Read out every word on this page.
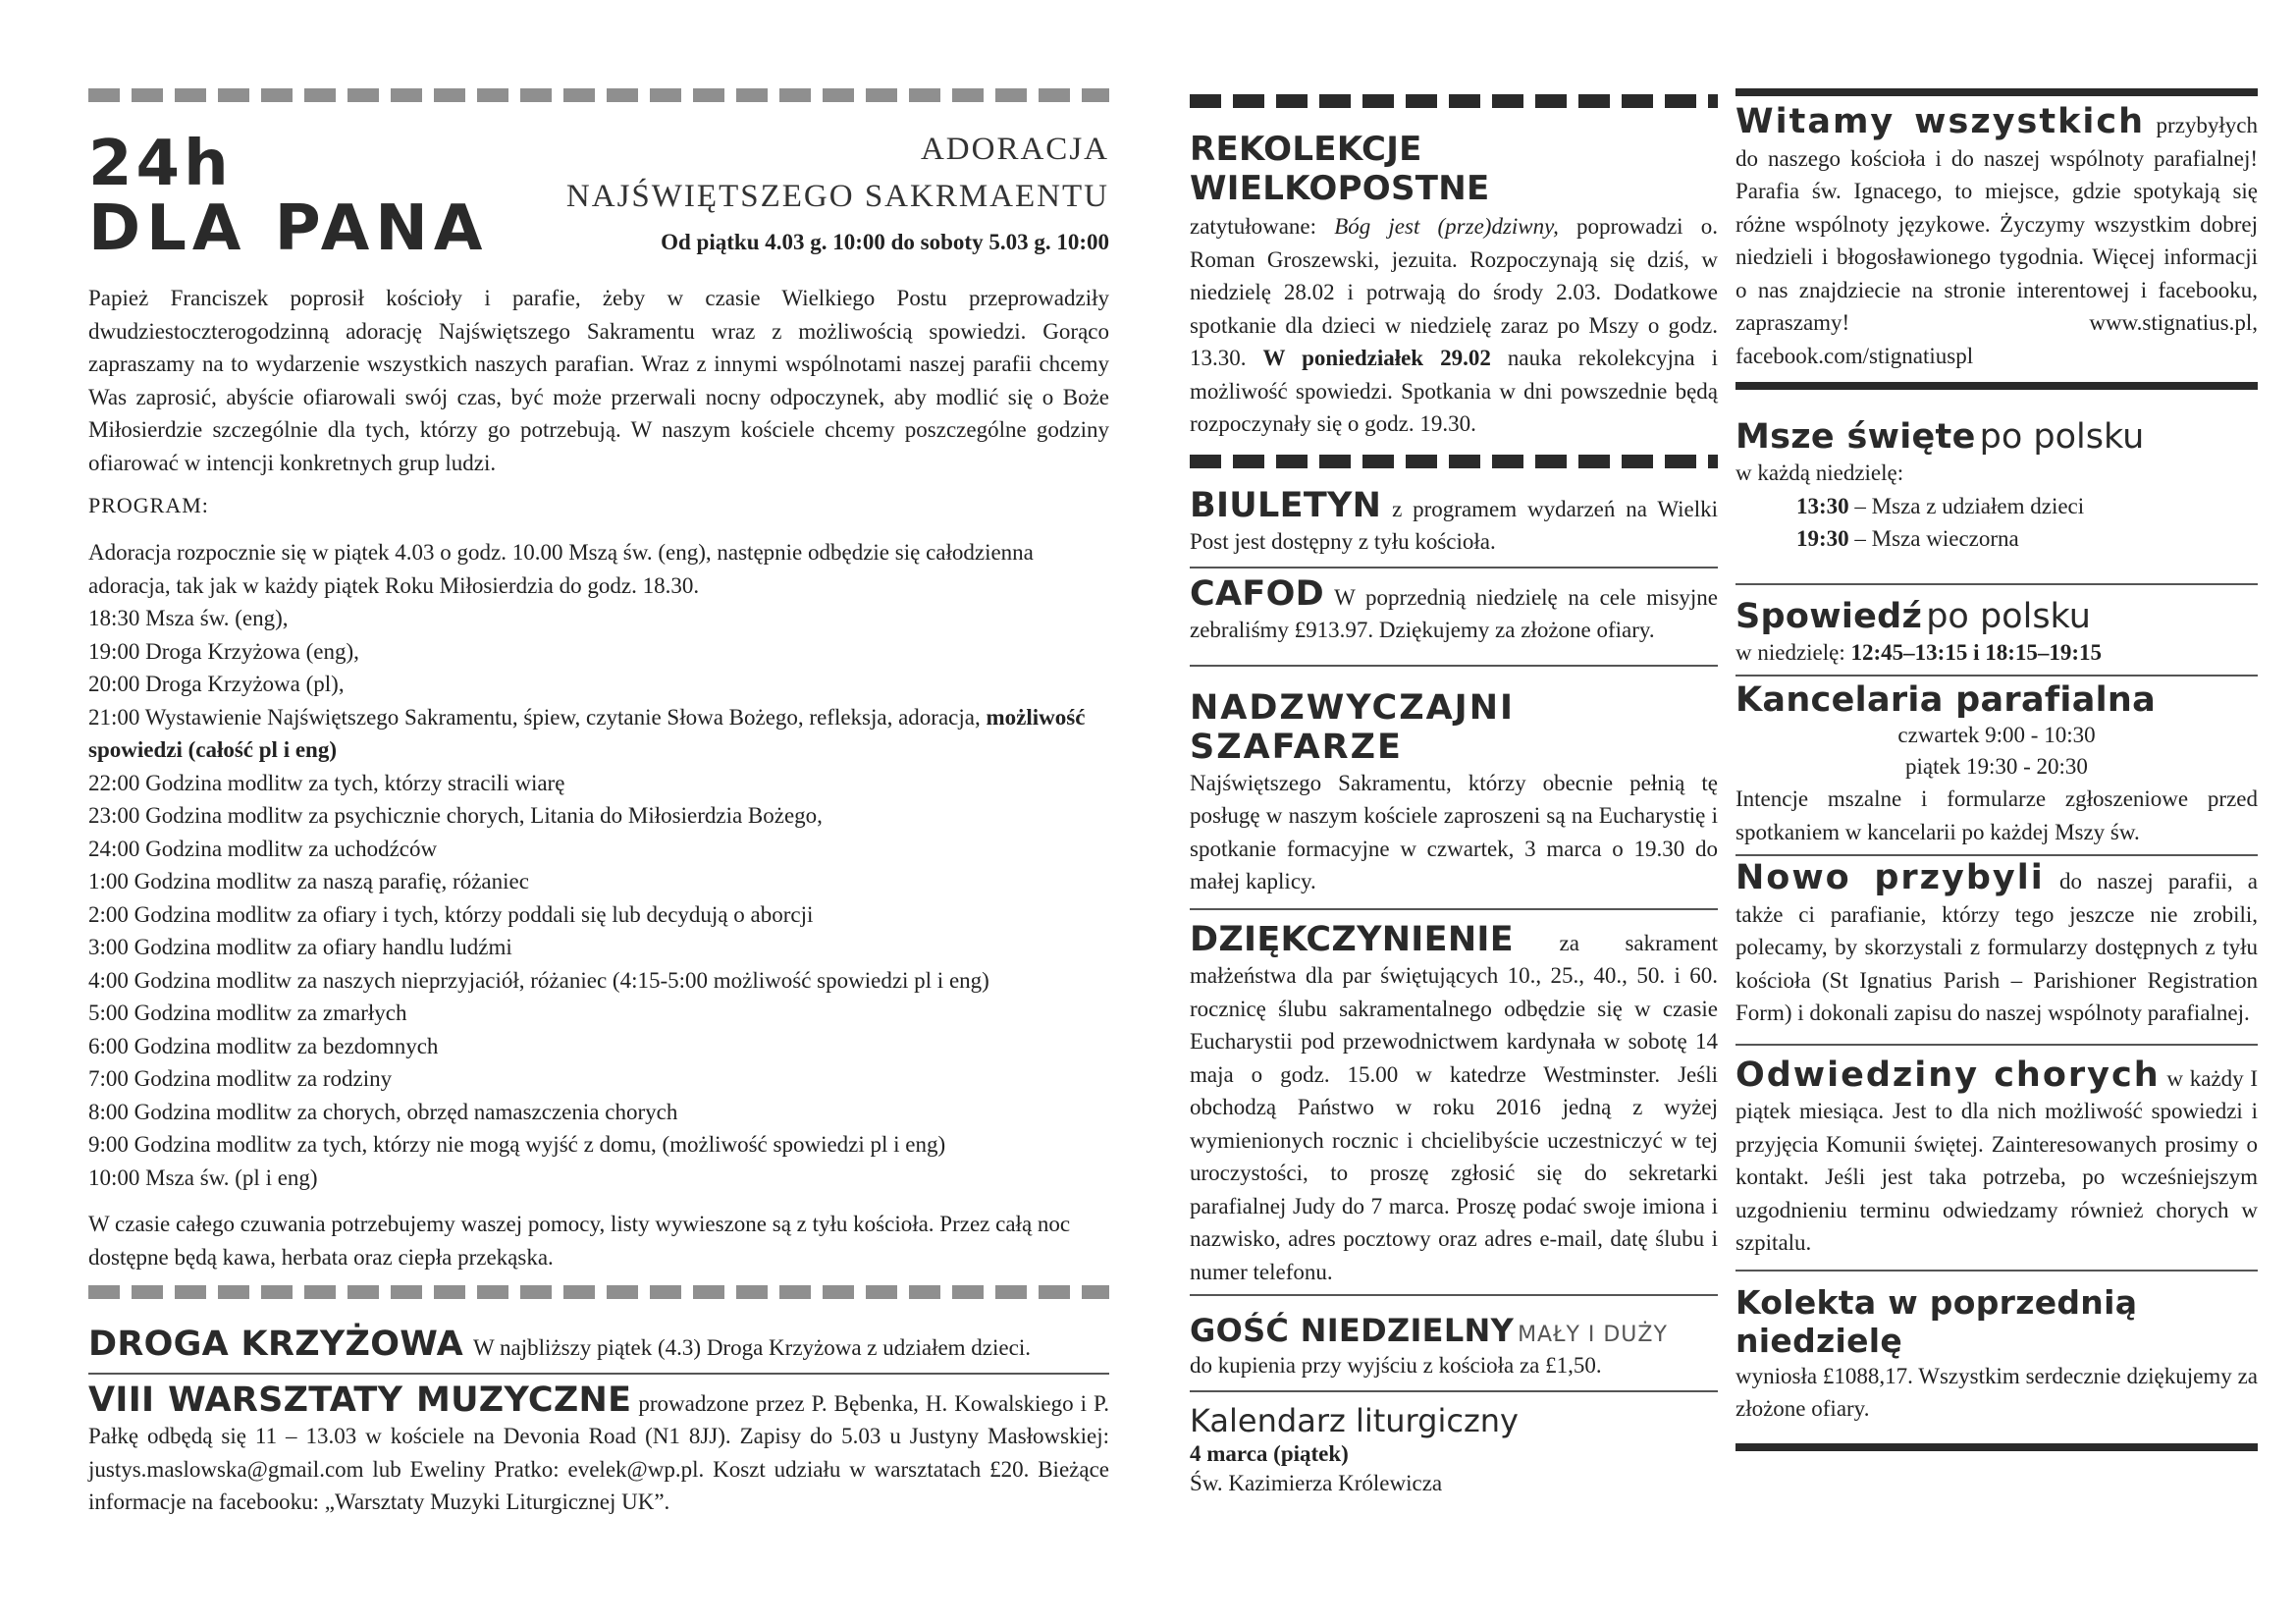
24h
DLA PANA
ADORACJA
NAJŚWIĘTSZEGO SAKRMAENTU
Od piątku 4.03 g. 10:00 do soboty 5.03 g. 10:00

Papież Franciszek poprosił kościoły i parafie, żeby w czasie Wielkiego Postu przeprowadziły dwudziestoczterogodzinną adorację Najświętszego Sakramentu wraz z możliwością spowiedzi. Gorąco zapraszamy na to wydarzenie wszystkich naszych parafian. Wraz z innymi wspólnotami naszej parafii chcemy Was zaprosić, abyście ofiarowali swój czas, być może przerwali nocny odpoczynek, aby modlić się o Boże Miłosierdzie szczególnie dla tych, którzy go potrzebują. W naszym kościele chcemy poszczególne godziny ofiarować w intencji konkretnych grup ludzi.

PROGRAM:
Adoracja rozpocznie się w piątek 4.03 o godz. 10.00 Mszą św. (eng), następnie odbędzie się całodzienna adoracja, tak jak w każdy piątek Roku Miłosierdzia do godz. 18.30.
18:30 Msza św. (eng),
19:00 Droga Krzyżowa (eng),
20:00 Droga Krzyżowa (pl),
21:00 Wystawienie Najświętszego Sakramentu, śpiew, czytanie Słowa Bożego, refleksja, adoracja, możliwość spowiedzi (całość pl i eng)
22:00 Godzina modlitw za tych, którzy stracili wiarę
23:00 Godzina modlitw za psychicznie chorych, Litania do Miłosierdzia Bożego,
24:00 Godzina modlitw za uchodźców
1:00 Godzina modlitw za naszą parafię, różaniec
2:00 Godzina modlitw za ofiary i tych, którzy poddali się lub decydują o aborcji
3:00 Godzina modlitw za ofiary handlu ludźmi
4:00 Godzina modlitw za naszych nieprzyjaciół, różaniec (4:15-5:00 możliwość spowiedzi pl i eng)
5:00 Godzina modlitw za zmarłych
6:00 Godzina modlitw za bezdomnych
7:00 Godzina modlitw za rodziny
8:00 Godzina modlitw za chorych, obrzęd namaszczenia chorych
9:00 Godzina modlitw za tych, którzy nie mogą wyjść z domu, (możliwość spowiedzi pl i eng)
10:00 Msza św. (pl i eng)

W czasie całego czuwania potrzebujemy waszej pomocy, listy wywieszone są z tyłu kościoła. Przez całą noc dostępne będą kawa, herbata oraz ciepła przekąska.

DROGA KRZYŻOWA W najbliższy piątek (4.3) Droga Krzyżowa z udziałem dzieci.

VIII WARSZTATY MUZYCZNE prowadzone przez P. Bębenka, H. Kowalskiego i P. Pałkę odbędą się 11 – 13.03 w kościele na Devonia Road (N1 8JJ). Zapisy do 5.03 u Justyny Masłowskiej: justys.maslowska@gmail.com lub Eweliny Pratko: evelek@wp.pl. Koszt udziału w warsztatach £20. Bieżące informacje na facebooku: „Warsztaty Muzyki Liturgicznej UK”.

REKOLEKCJE WIELKOPOSTNE

zatytułowane: Bóg jest (prze)dziwny, poprowadzi o. Roman Groszewski, jezuita. Rozpoczynają się dziś, w niedzielę 28.02 i potrwają do środy 2.03. Dodatkowe spotkanie dla dzieci w niedzielę zaraz po Mszy o godz. 13.30. W poniedziałek 29.02 nauka rekolekcyjna i możliwość spowiedzi. Spotkania w dni powszednie będą rozpoczynały się o godz. 19.30.

BIULETYN z programem wydarzeń na Wielki Post jest dostępny z tyłu kościoła.

CAFOD W poprzednią niedzielę na cele misyjne zebraliśmy £913.97. Dziękujemy za złożone ofiary.

NADZWYCZAJNI SZAFARZE

Najświętszego Sakramentu, którzy obecnie pełnią tę posługę w naszym kościele zaproszeni są na Eucharystię i spotkanie formacyjne w czwartek, 3 marca o 19.30 do małej kaplicy.

DZIĘKCZYNIENIE za sakrament małżeństwa dla par świętujących 10., 25., 40., 50. i 60. rocznicę ślubu sakramentalnego odbędzie się w czasie Eucharystii pod przewodnictwem kardynała w sobotę 14 maja o godz. 15.00 w katedrze Westminster. Jeśli obchodzą Państwo w roku 2016 jedną z wyżej wymienionych rocznic i chcielibyście uczestniczyć w tej uroczystości, to proszę zgłosić się do sekretarki parafialnej Judy do 7 marca. Proszę podać swoje imiona i nazwisko, adres pocztowy oraz adres e-mail, datę ślubu i numer telefonu.

GOŚĆ NIEDZIELNY MAŁY I DUŻY

do kupienia przy wyjściu z kościoła za £1,50.

Kalendarz liturgiczny
4 marca (piątek)
Św. Kazimierza Królewicza

Witamy wszystkich przybyłych do naszego kościoła i do naszej wspólnoty parafialnej! Parafia św. Ignacego, to miejsce, gdzie spotykają się różne wspólnoty językowe. Życzymy wszystkim dobrej niedzieli i błogosławionego tygodnia. Więcej informacji o nas znajdziecie na stronie interentowej i facebooku, zapraszamy! www.stignatius.pl, facebook.com/stignatiuspl

Msze święte po polsku
w każdą niedzielę:
13:30 – Msza z udziałem dzieci
19:30 – Msza wieczorna
Spowiedź po polsku
w niedzielę: 12:45–13:15 i 18:15–19:15
Kancelaria parafialna
czwartek 9:00 - 10:30
piątek 19:30 - 20:30

Intencje mszalne i formularze zgłoszeniowe przed spotkaniem w kancelarii po każdej Mszy św.

Nowo przybyli do naszej parafii, a także ci parafianie, którzy tego jeszcze nie zrobili, polecamy, by skorzystali z formularzy dostępnych z tyłu kościoła (St Ignatius Parish – Parishioner Registration Form) i dokonali zapisu do naszej wspólnoty parafialnej.

Odwiedziny chorych w każdy I piątek miesiąca. Jest to dla nich możliwość spowiedzi i przyjęcia Komunii świętej. Zainteresowanych prosimy o kontakt. Jeśli jest taka potrzeba, po wcześniejszym uzgodnieniu terminu odwiedzamy również chorych w szpitalu.

Kolekta w poprzednią niedzielę

wyniosła £1088,17. Wszystkim serdecznie dziękujemy za złożone ofiary.
